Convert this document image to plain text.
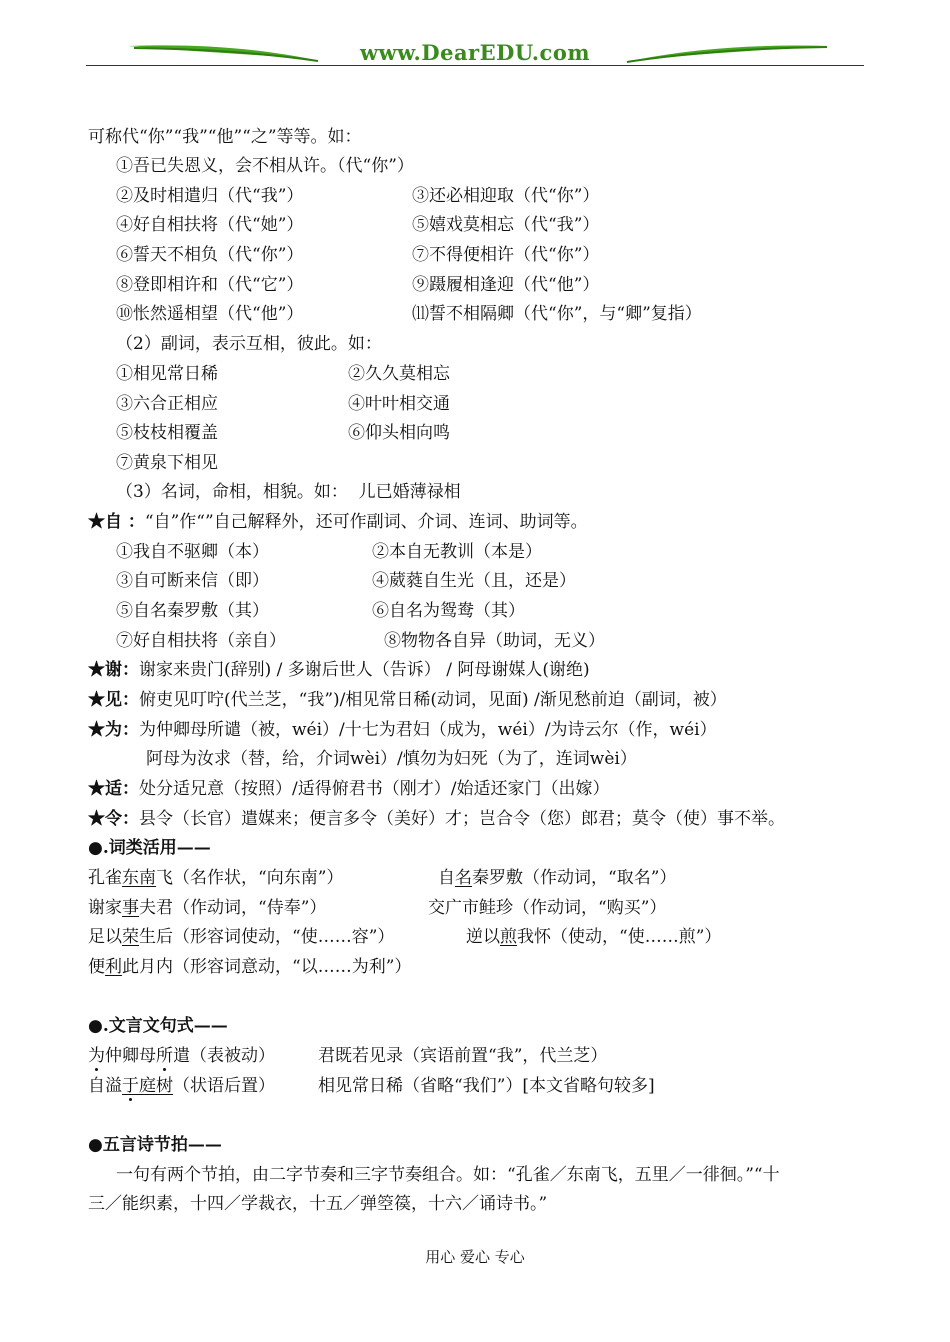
www.DearEDU.com
可称代“你”“我”“他”“之”等等。如：
①吾已失恩义，会不相从许。（代“你”）
②及时相遣归（代“我”）	③还必相迎取（代“你”）
④好自相扶将（代“她”）	⑤嬉戏莫相忘（代“我”）
⑥誓天不相负（代“你”）	⑦不得便相许（代“你”）
⑧登即相许和（代“它”）	⑨蹑履相逢迎（代“他”）
⑩怅然遥相望（代“他”）	⑾誓不相隔卿（代“你”，与“卿”复指）
（2）副词，表示互相，彼此。如：
①相见常日稀	②久久莫相忘
③六合正相应	④叶叶相交通
⑤枝枝相覆盖	⑥仰头相向鸣
⑦黄泉下相见
（3）名词，命相，相貌。如：  儿已婚薄禄相
★自 ：“自”作“”自己解释外，还可作副词、介词、连词、助词等。
①我自不驱卿（本）	②本自无教训（本是）
③自可断来信（即）	④葳蕤自生光（且，还是）
⑤自名秦罗敷（其）	⑥自名为鸳鸯（其）
⑦好自相扶将（亲自）	⑧物物各自异（助词，无义）
★谢：谢家来贵门(辞别) / 多谢后世人（告诉） / 阿母谢媒人(谢绝)
★见：俯吏见叮咛(代兰芝，“我”)/相见常日稀(动词，见面) /渐见愁前迫（副词，被）
★为：为仲卿母所谴（被，wéi）/十七为君妇（成为，wéi）/为诗云尔（作，wéi）
阿母为汝求（替，给，介词wèi）/慎勿为妇死（为了，连词wèi）
★适：处分适兄意（按照）/适得俯君书（刚才）/始适还家门（出嫁）
★令：县令（长官）遣媒来；便言多令（美好）才；岂合令（您）郎君；莫令（使）事不举。
●.词类活用——
孔雀东南飞（名作状，“向东南”）	自名秦罗敷（作动词，“取名”）
谢家事夫君（作动词，“侍奉”）	交广市鲑珍（作动词，“购买”）
足以荣生后（形容词使动，“使……容”）	逆以煎我怀（使动，“使……煎”）
便利此月内（形容词意动，“以……为利”）
●.文言文句式——
为仲卿母所遣（表被动）	君既若见录（宾语前置“我”，代兰芝）
自溢于庭树（状语后置）	相见常日稀（省略“我们”）[本文省略句较多]
●五言诗节拍——
一句有两个节拍，由二字节奏和三字节奏组合。如：“孔雀／东南飞，五里／一徘徊。”“十
三／能织素，十四／学裁衣，十五／弹箜篌，十六／诵诗书。”
用心 爱心 专心
